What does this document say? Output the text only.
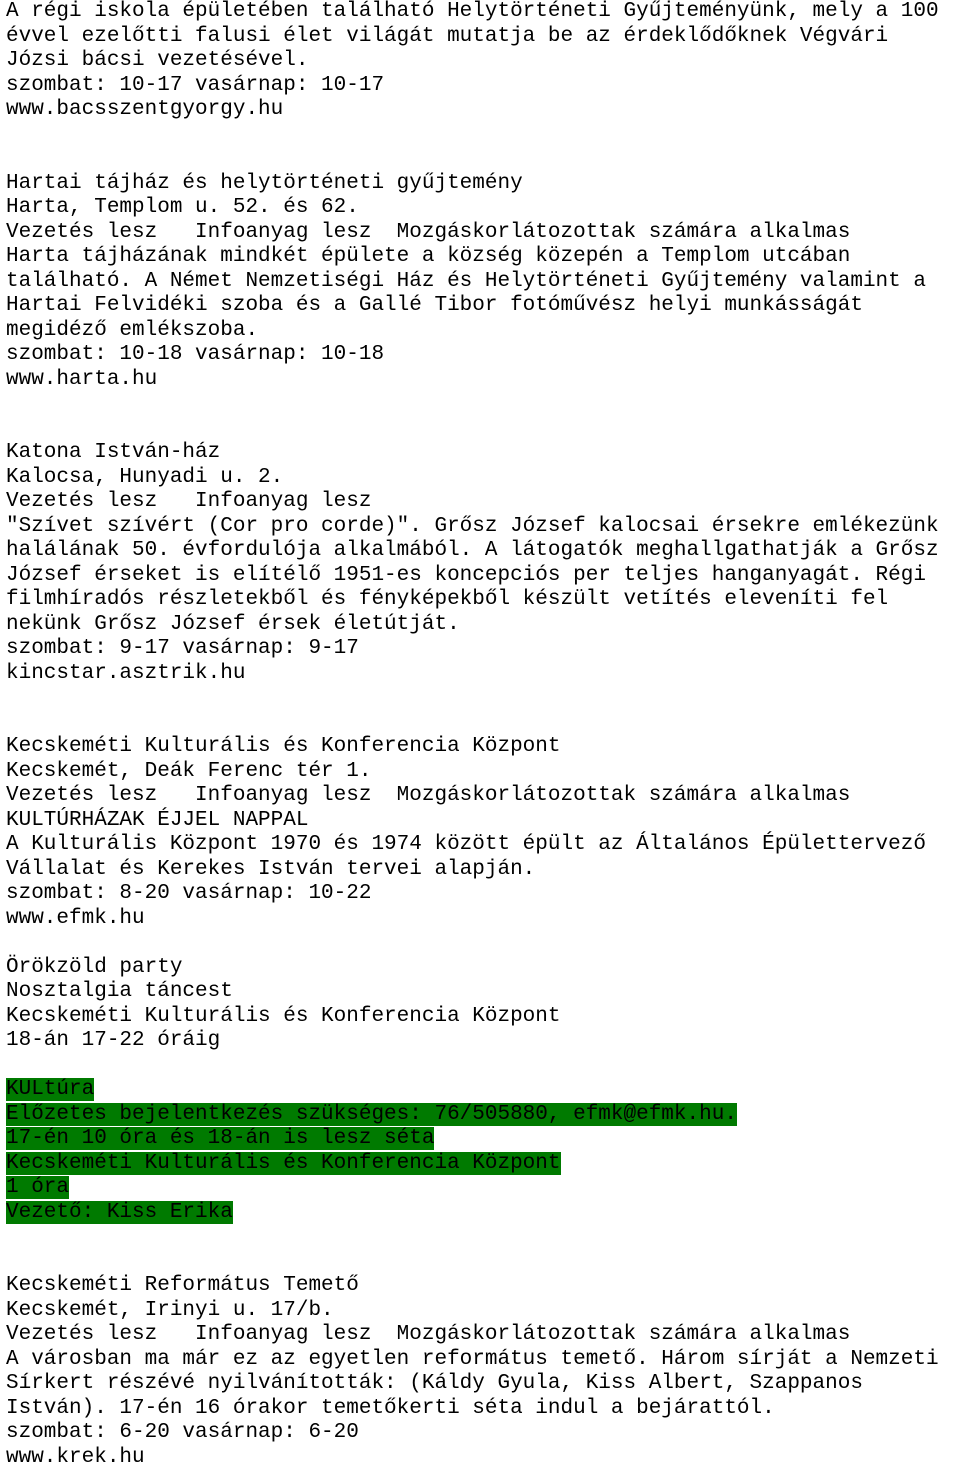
A régi iskola épületében található Helytörténeti Gyűjteményünk, mely a 100
évvel ezelőtti falusi élet világát mutatja be az érdeklődőknek Végvári
Józsi bácsi vezetésével.
szombat: 10-17 vasárnap: 10-17
www.bacsszentgyorgy.hu
Hartai tájház és helytörténeti gyűjtemény
Harta, Templom u. 52. és 62.
Vezetés lesz   Infoanyag lesz  Mozgáskorlátozottak számára alkalmas
Harta tájházának mindkét épülete a község közepén a Templom utcában
található. A Német Nemzetiségi Ház és Helytörténeti Gyűjtemény valamint a
Hartai Felvidéki szoba és a Gallé Tibor fotóművész helyi munkásságát
megidéző emlékszoba.
szombat: 10-18 vasárnap: 10-18
www.harta.hu
Katona István-ház
Kalocsa, Hunyadi u. 2.
Vezetés lesz   Infoanyag lesz
"Szívet szívért (Cor pro corde)". Grősz József kalocsai érsekre emlékezünk
halálának 50. évfordulója alkalmából. A látogatók meghallgathatják a Grősz
József érseket is elítélő 1951-es koncepciós per teljes hanganyagát. Régi
filmhíradós részletekből és fényképekből készült vetítés eleveníti fel
nekünk Grősz József érsek életútját.
szombat: 9-17 vasárnap: 9-17
kincstar.asztrik.hu
Kecskeméti Kulturális és Konferencia Központ
Kecskemét, Deák Ferenc tér 1.
Vezetés lesz   Infoanyag lesz  Mozgáskorlátozottak számára alkalmas
KULTÚRHÁZAK ÉJJEL NAPPAL
A Kulturális Központ 1970 és 1974 között épült az Általános Épülettervező
Vállalat és Kerekes István tervei alapján.
szombat: 8-20 vasárnap: 10-22
www.efmk.hu
Örökzöld party
Nosztalgia táncest
Kecskeméti Kulturális és Konferencia Központ
18-án 17-22 óráig
KULtúra
Előzetes bejelentkezés szükséges: 76/505880, efmk@efmk.hu.
17-én 10 óra és 18-án is lesz séta
Kecskeméti Kulturális és Konferencia Központ
1 óra
Vezető: Kiss Erika
Kecskeméti Református Temető
Kecskemét, Irinyi u. 17/b.
Vezetés lesz   Infoanyag lesz  Mozgáskorlátozottak számára alkalmas
A városban ma már ez az egyetlen református temető. Három sírját a Nemzeti
Sírkert részévé nyilvánították: (Káldy Gyula, Kiss Albert, Szappanos
István). 17-én 16 órakor temetőkerti séta indul a bejárattól.
szombat: 6-20 vasárnap: 6-20
www.krek.hu
